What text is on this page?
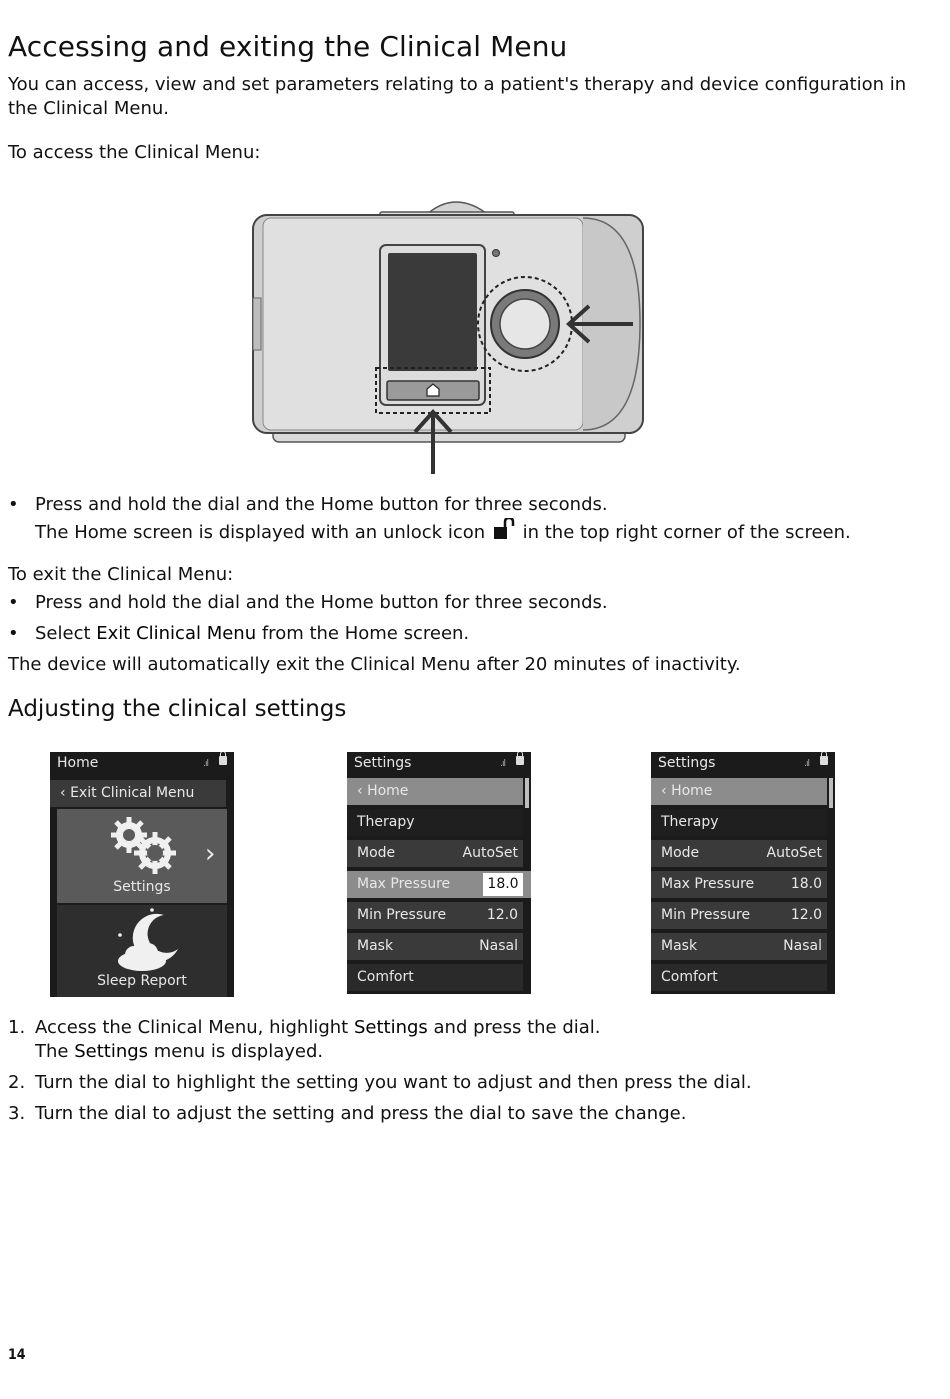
Accessing and exiting the Clinical Menu
You can access, view and set parameters relating to a patient's therapy and device configuration in
the Clinical Menu.
To access the Clinical Menu:
• Press and hold the dial and the Home button for three seconds.
The Home screen is displayed with an unlock icon in the top right corner of the screen.
To exit the Clinical Menu:
• Press and hold the dial and the Home button for three seconds.
• Select Exit Clinical Menu from the Home screen.
The device will automatically exit the Clinical Menu after 20 minutes of inactivity.
Adjusting the clinical settings
Home	.ıl
‹ Exit Clinical Menu
›
Settings
Sleep Report
Settings	.ıl
‹ Home
Therapy
Mode	AutoSet
Max Pressure	18.0
Min Pressure	12.0
Mask	Nasal
Comfort
Settings	.ıl
‹ Home
Therapy
Mode	AutoSet
Max Pressure	18.0
Min Pressure	12.0
Mask	Nasal
Comfort
1. Access the Clinical Menu, highlight Settings and press the dial.
The Settings menu is displayed.
2. Turn the dial to highlight the setting you want to adjust and then press the dial.
3. Turn the dial to adjust the setting and press the dial to save the change.
14
